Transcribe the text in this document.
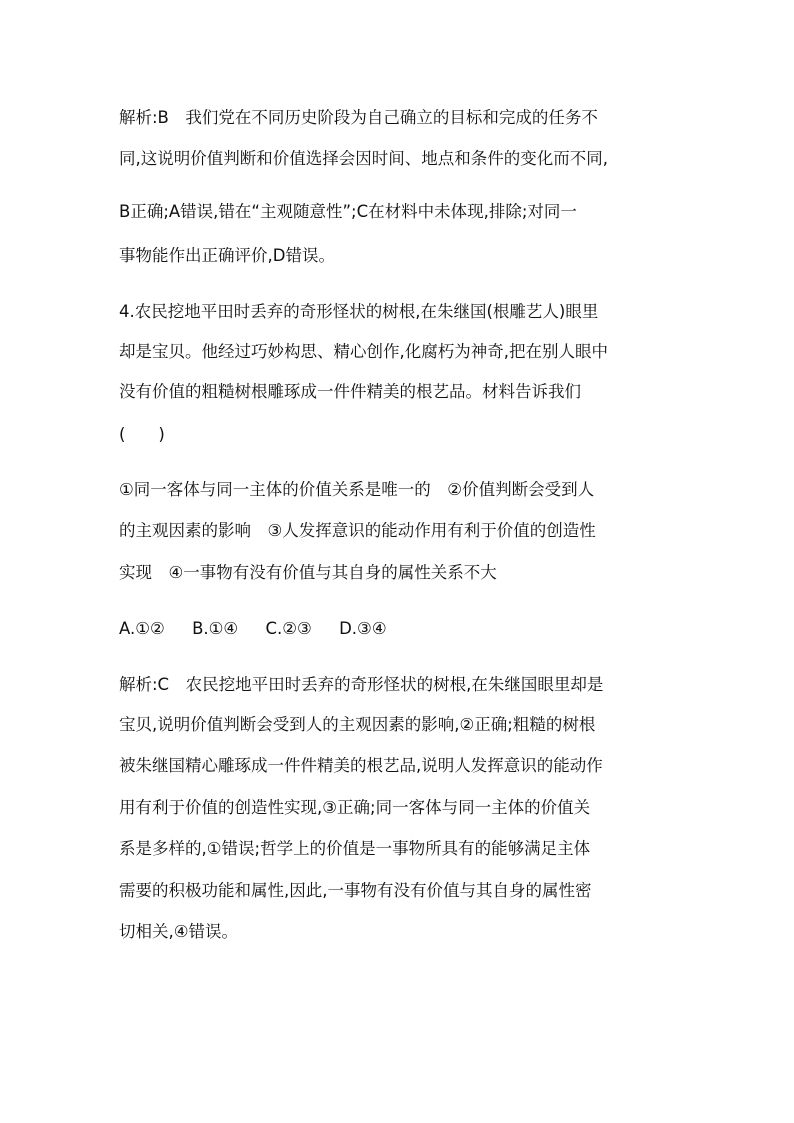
解析:B　我们党在不同历史阶段为自己确立的目标和完成的任务不
同,这说明价值判断和价值选择会因时间、地点和条件的变化而不同,
B正确;A错误,错在“主观随意性”;C在材料中未体现,排除;对同一
事物能作出正确评价,D错误。
4.农民挖地平田时丢弃的奇形怪状的树根,在朱继国(根雕艺人)眼里
却是宝贝。他经过巧妙构思、精心创作,化腐朽为神奇,把在别人眼中
没有价值的粗糙树根雕琢成一件件精美的根艺品。材料告诉我们
(　　)
①同一客体与同一主体的价值关系是唯一的　②价值判断会受到人
的主观因素的影响　③人发挥意识的能动作用有利于价值的创造性
实现　④一事物有没有价值与其自身的属性关系不大
A.①② B.①④ C.②③ D.③④
解析:C　农民挖地平田时丢弃的奇形怪状的树根,在朱继国眼里却是
宝贝,说明价值判断会受到人的主观因素的影响,②正确;粗糙的树根
被朱继国精心雕琢成一件件精美的根艺品,说明人发挥意识的能动作
用有利于价值的创造性实现,③正确;同一客体与同一主体的价值关
系是多样的,①错误;哲学上的价值是一事物所具有的能够满足主体
需要的积极功能和属性,因此,一事物有没有价值与其自身的属性密
切相关,④错误。
